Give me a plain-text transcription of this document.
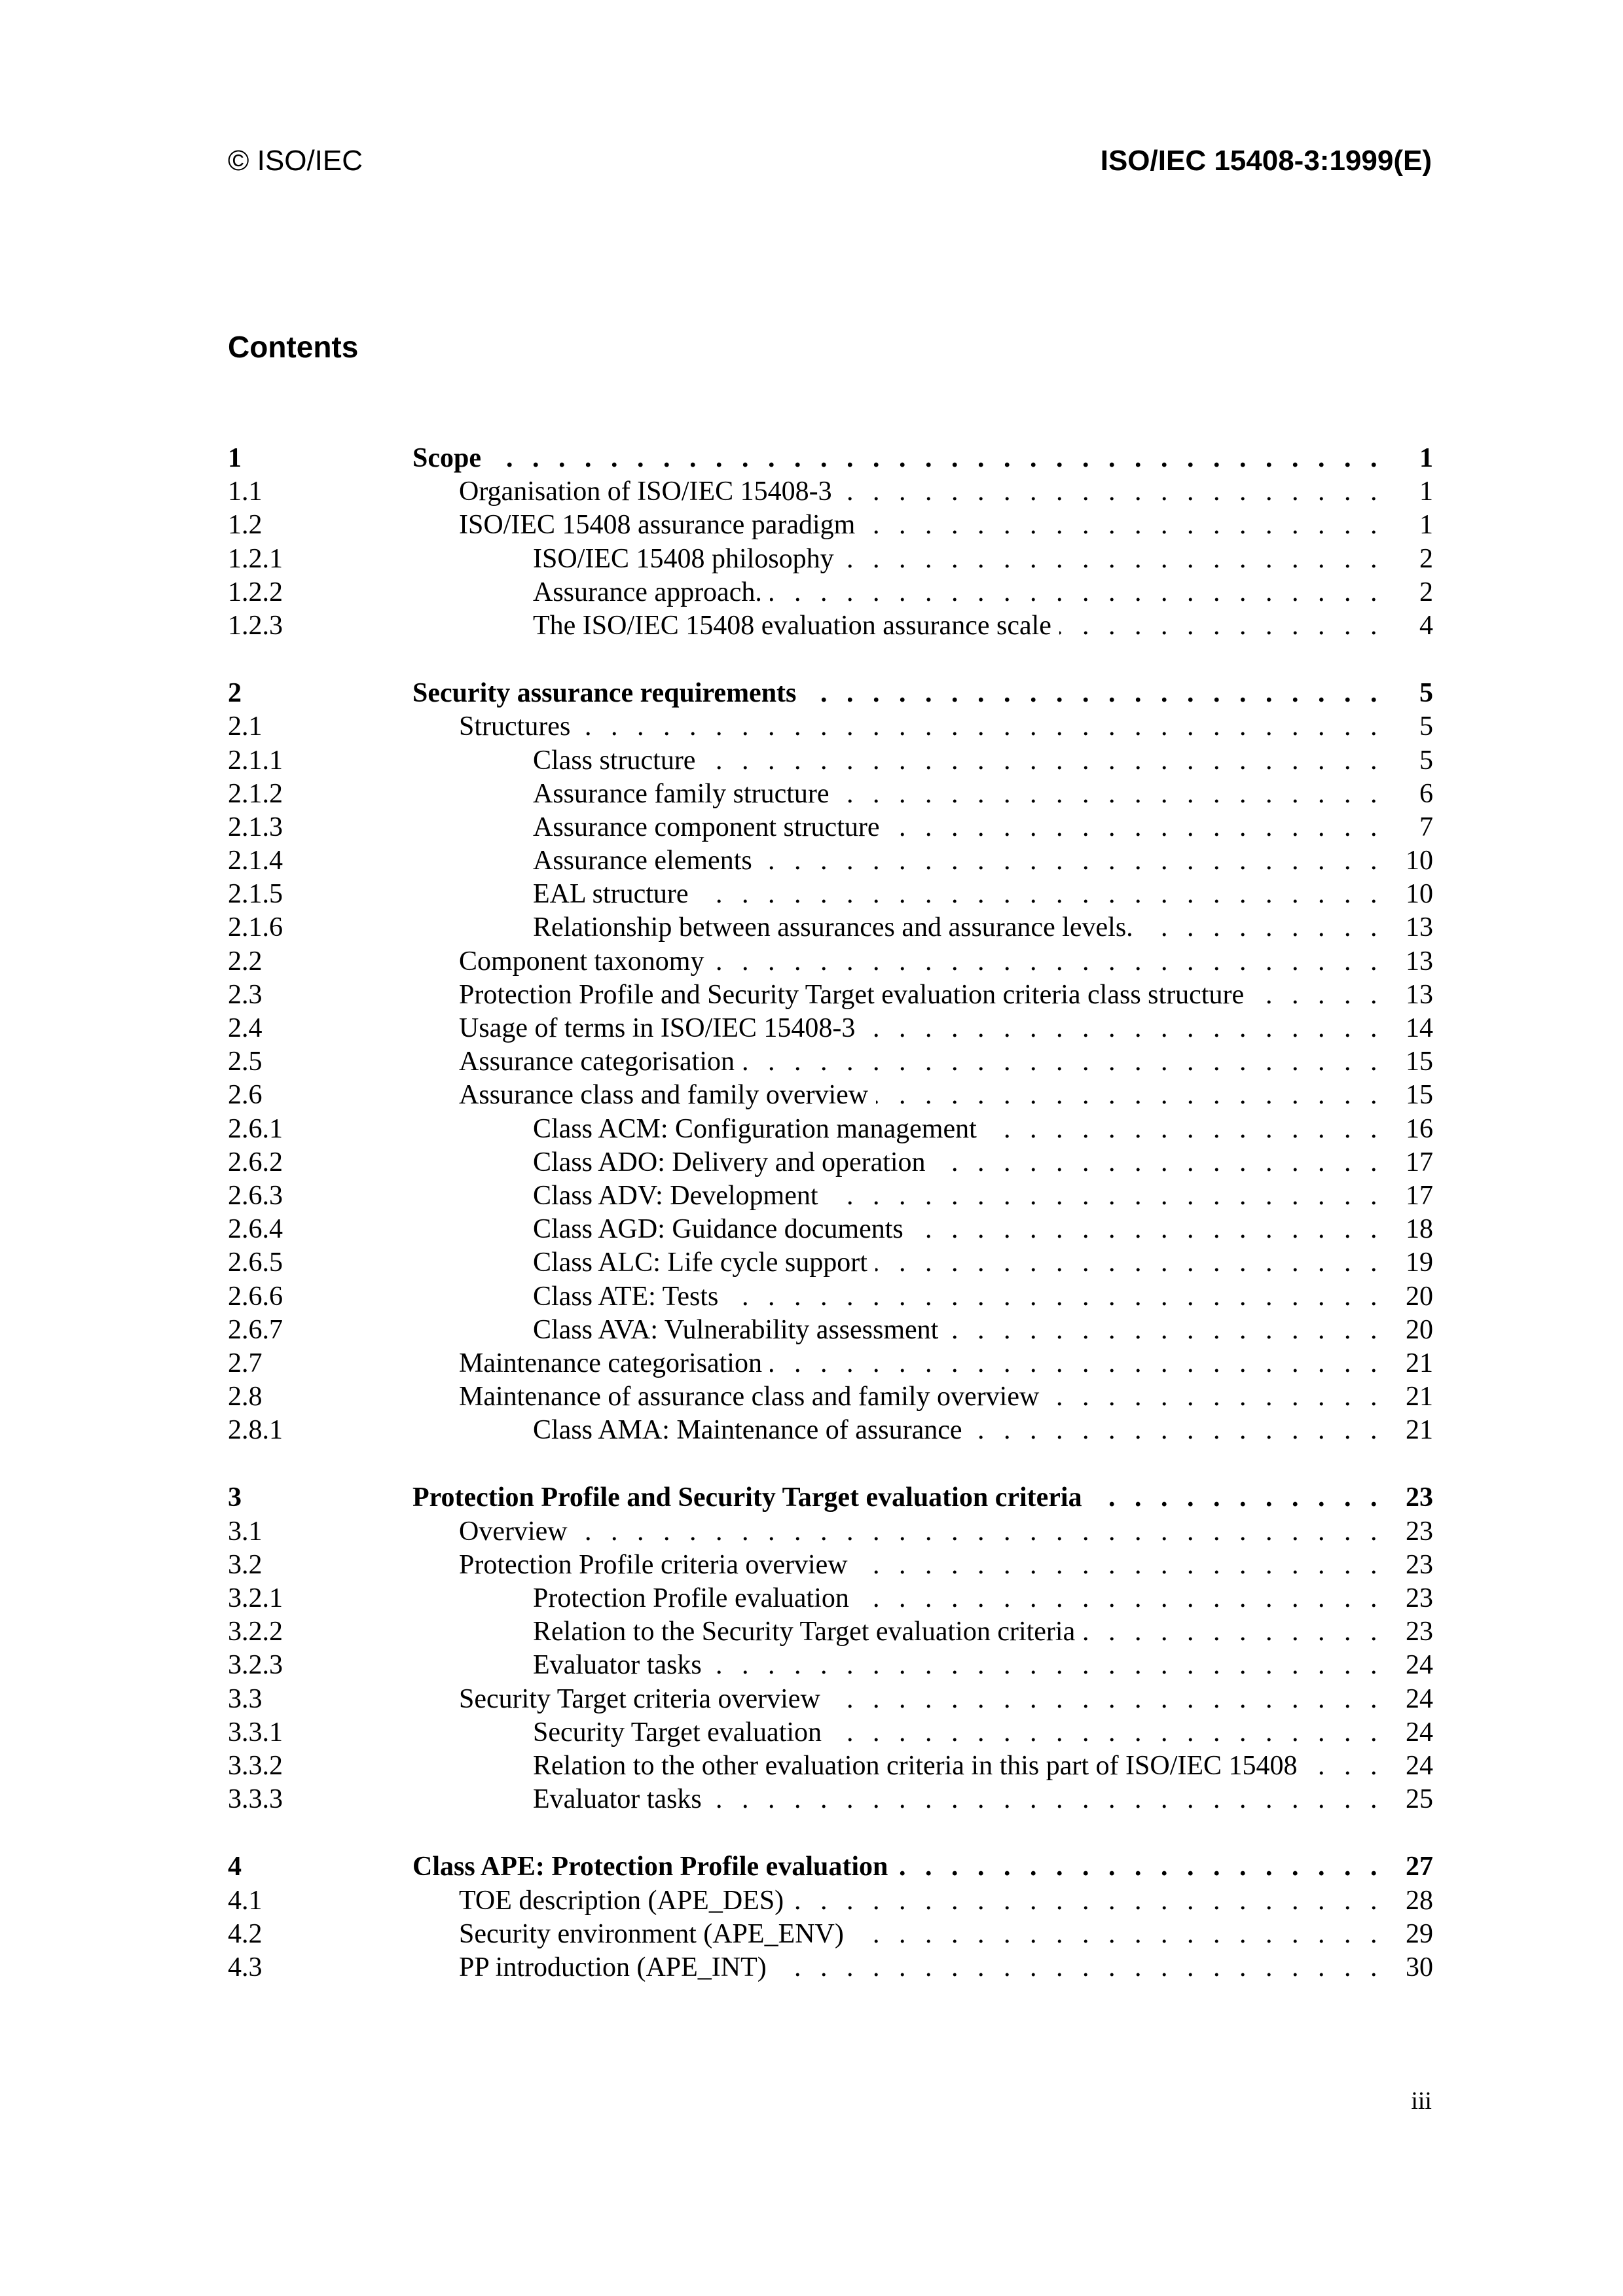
© ISO/IEC	ISO/IEC 15408-3:1999(E)
Contents
1	Scope . . .	1
1.1	Organisation of ISO/IEC 15408-3 . . .	1
1.2	ISO/IEC 15408 assurance paradigm . . .	1
1.2.1	ISO/IEC 15408 philosophy . . .	2
1.2.2	Assurance approach. . . .	2
1.2.3	The ISO/IEC 15408 evaluation assurance scale . . .	4
2	Security assurance requirements . . .	5
2.1	Structures . . .	5
2.1.1	Class structure . . .	5
2.1.2	Assurance family structure . . .	6
2.1.3	Assurance component structure . . .	7
2.1.4	Assurance elements . . .	10
2.1.5	EAL structure . . .	10
2.1.6	Relationship between assurances and assurance levels. . . .	13
2.2	Component taxonomy . . .	13
2.3	Protection Profile and Security Target evaluation criteria class structure . . .	13
2.4	Usage of terms in ISO/IEC 15408-3 . . .	14
2.5	Assurance categorisation . . .	15
2.6	Assurance class and family overview . . .	15
2.6.1	Class ACM: Configuration management . . .	16
2.6.2	Class ADO: Delivery and operation . . .	17
2.6.3	Class ADV: Development . . .	17
2.6.4	Class AGD: Guidance documents . . .	18
2.6.5	Class ALC: Life cycle support . . .	19
2.6.6	Class ATE: Tests . . .	20
2.6.7	Class AVA: Vulnerability assessment . . .	20
2.7	Maintenance categorisation . . .	21
2.8	Maintenance of assurance class and family overview . . .	21
2.8.1	Class AMA: Maintenance of assurance . . .	21
3	Protection Profile and Security Target evaluation criteria . . .	23
3.1	Overview . . .	23
3.2	Protection Profile criteria overview . . .	23
3.2.1	Protection Profile evaluation . . .	23
3.2.2	Relation to the Security Target evaluation criteria . . .	23
3.2.3	Evaluator tasks . . .	24
3.3	Security Target criteria overview . . .	24
3.3.1	Security Target evaluation . . .	24
3.3.2	Relation to the other evaluation criteria in this part of ISO/IEC 15408 . . .	24
3.3.3	Evaluator tasks . . .	25
4	Class APE: Protection Profile evaluation . . .	27
4.1	TOE description (APE_DES) . . .	28
4.2	Security environment (APE_ENV) . . .	29
4.3	PP introduction (APE_INT) . . .	30
iii
